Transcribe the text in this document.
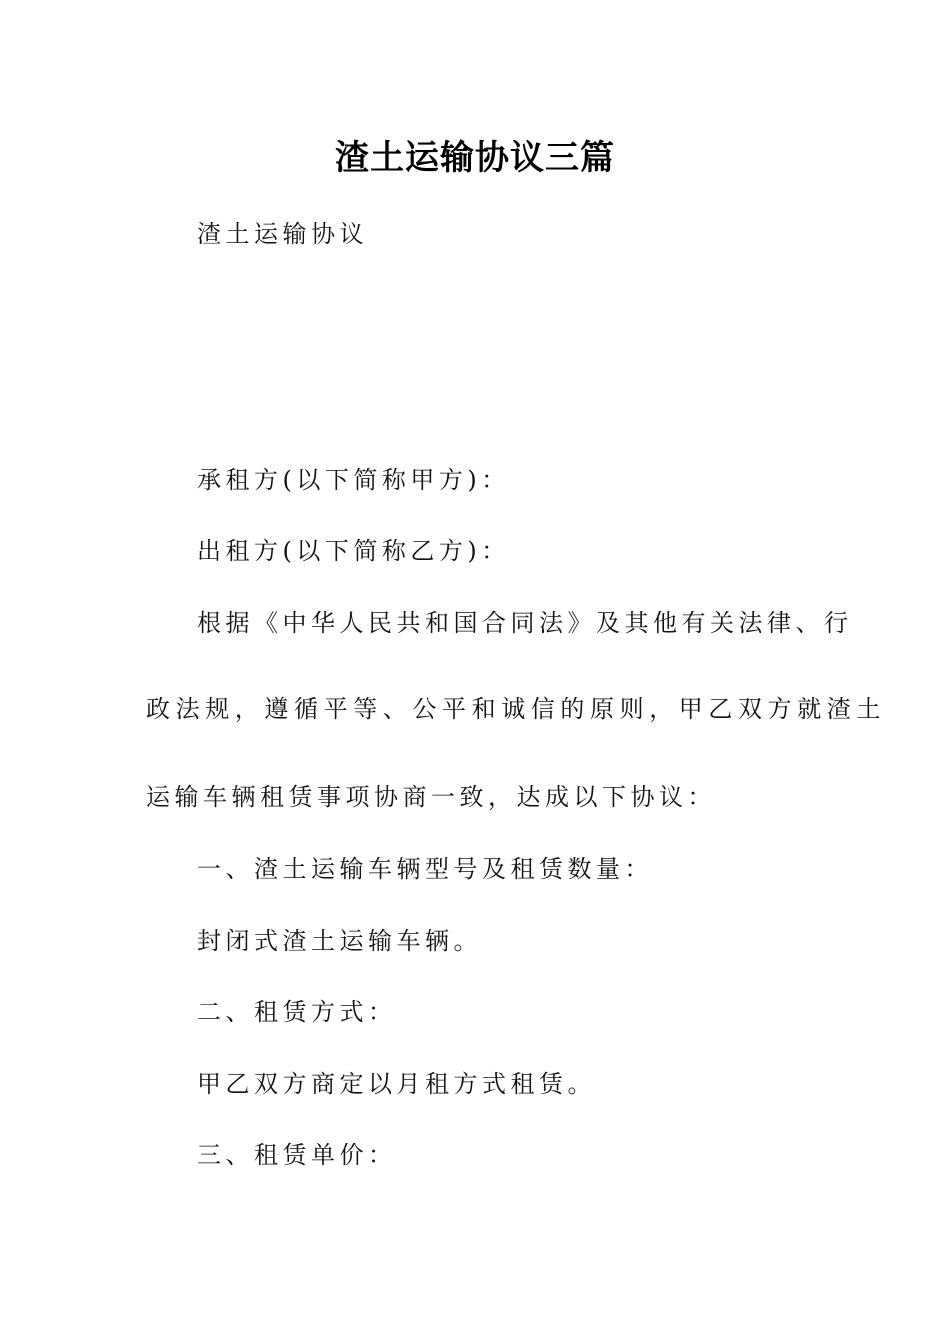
渣土运输协议三篇
渣土运输协议
承租方(以下简称甲方)：
出租方(以下简称乙方)：
根据《中华人民共和国合同法》及其他有关法律、行
政法规，遵循平等、公平和诚信的原则，甲乙双方就渣土
运输车辆租赁事项协商一致，达成以下协议：
一、渣土运输车辆型号及租赁数量：
封闭式渣土运输车辆。
二、租赁方式：
甲乙双方商定以月租方式租赁。
三、租赁单价：
